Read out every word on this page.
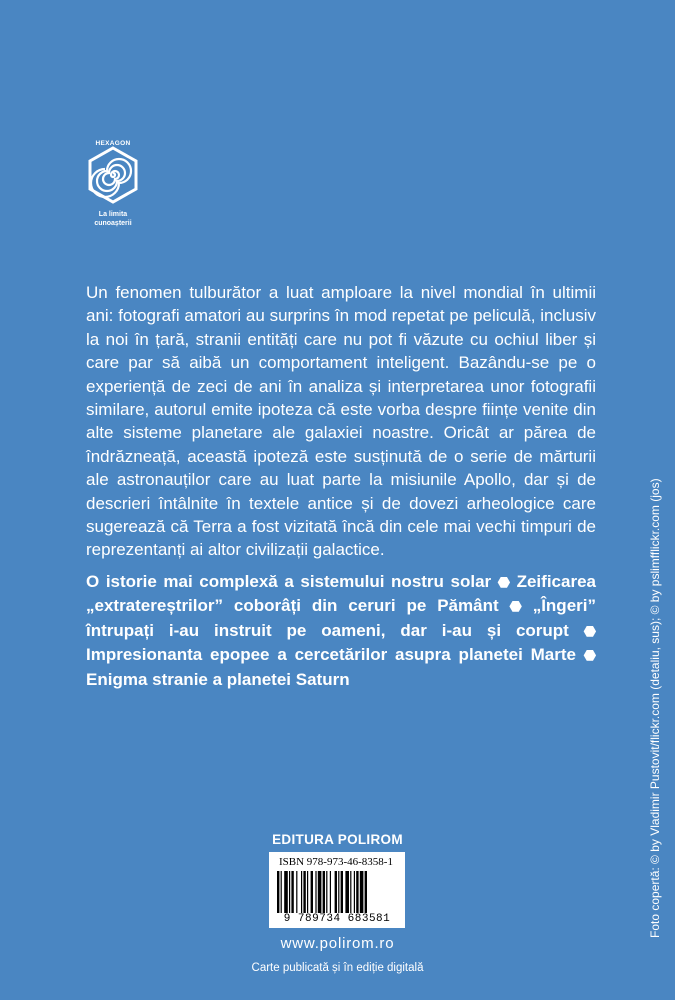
HEXAGON
La limita
cunoașterii

Un fenomen tulburător a luat amploare la nivel mondial în ultimii ani: fotografi amatori au surprins în mod repetat pe peliculă, inclusiv la noi în țară, stranii entități care nu pot fi văzute cu ochiul liber și care par să aibă un comportament inteligent. Bazându-se pe o experiență de zeci de ani în analiza și interpretarea unor fotografii similare, autorul emite ipoteza că este vorba despre ființe venite din alte sisteme planetare ale galaxiei noastre. Oricât ar părea de îndrăzneață, această ipoteză este susținută de o serie de mărturii ale astronauților care au luat parte la misiunile Apollo, dar și de descrieri întâlnite în textele antice și de dovezi arheologice care sugerează că Terra a fost vizitată încă din cele mai vechi timpuri de reprezentanți ai altor civilizații galactice.

O istorie mai complexă a sistemului nostru solar ⬣ Zeificarea „extratereștrilor” coborâți din ceruri pe Pământ ⬣ „Îngeri” întrupați i-au instruit pe oameni, dar i-au și corupt ⬣ Impresionanta epopee a cercetărilor asupra planetei Marte ⬣ Enigma stranie a planetei Saturn

EDITURA POLIROM
ISBN 978-973-46-8358-1
9 789734 683581
www.polirom.ro
Carte publicată și în ediție digitală
Foto copertă: © by Vladimir Pustovit/flickr.com (detaliu, sus); © by pslimfflickr.com (jos)
